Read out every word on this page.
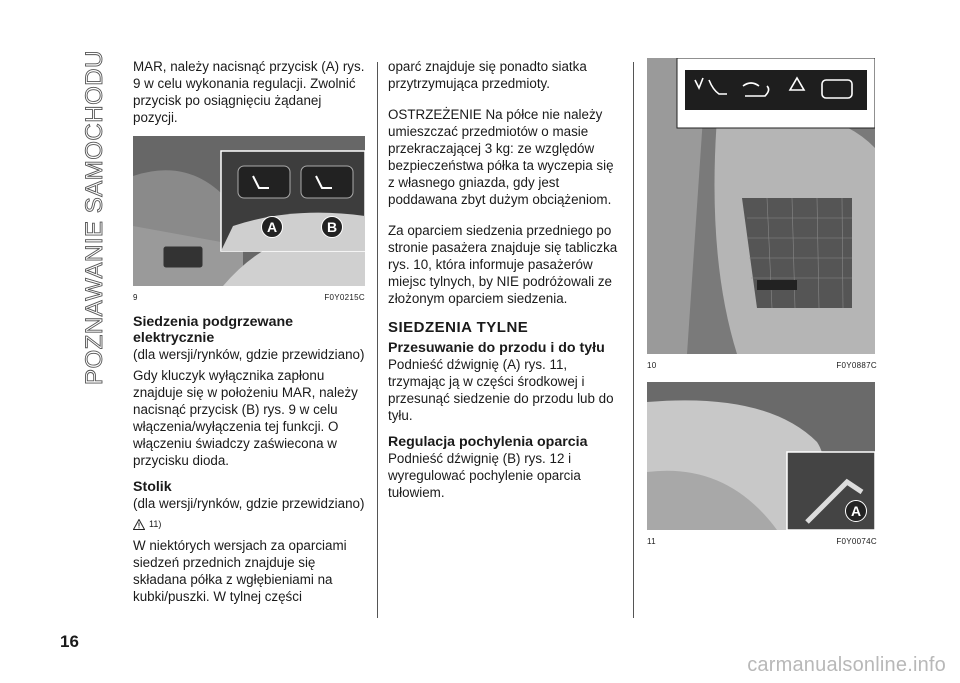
POZNAWANIE SAMOCHODU MAR, należy nacisnąć przycisk (A) rys. 9 w celu wykonania regulacji. Zwolnić przycisk po osiągnięciu żądanej pozycji.

A	B
9	F0Y0215C
Siedzenia podgrzewane elektrycznie

(dla wersji/rynków, gdzie przewidziano)

Gdy kluczyk wyłącznika zapłonu znajduje się w położeniu MAR, należy nacisnąć przycisk (B) rys. 9 w celu włączenia/wyłączenia tej funkcji. O włączeniu świadczy zaświecona w przycisku dioda.

Stolik

(dla wersji/rynków, gdzie przewidziano)

11)

W niektórych wersjach za oparciami siedzeń przednich znajduje się składana półka z wgłębieniami na kubki/puszki. W tylnej części

oparć znajduje się ponadto siatka przytrzymująca przedmioty.

OSTRZEŻENIE Na półce nie należy umieszczać przedmiotów o masie przekraczającej 3 kg: ze względów bezpieczeństwa półka ta wyczepia się z własnego gniazda, gdy jest poddawana zbyt dużym obciążeniom.

Za oparciem siedzenia przedniego po stronie pasażera znajduje się tabliczka rys. 10, która informuje pasażerów miejsc tylnych, by NIE podróżowali ze złożonym oparciem siedzenia.

SIEDZENIA TYLNE
Przesuwanie do przodu i do tyłu

Podnieść dźwignię (A) rys. 11, trzymając ją w części środkowej i przesunąć siedzenie do przodu lub do tyłu.

Regulacja pochylenia oparcia

Podnieść dźwignię (B) rys. 12 i wyregulować pochylenie oparcia tułowiem.

10	F0Y0887C
A
11	F0Y0074C
16
carmanualsonline.info
